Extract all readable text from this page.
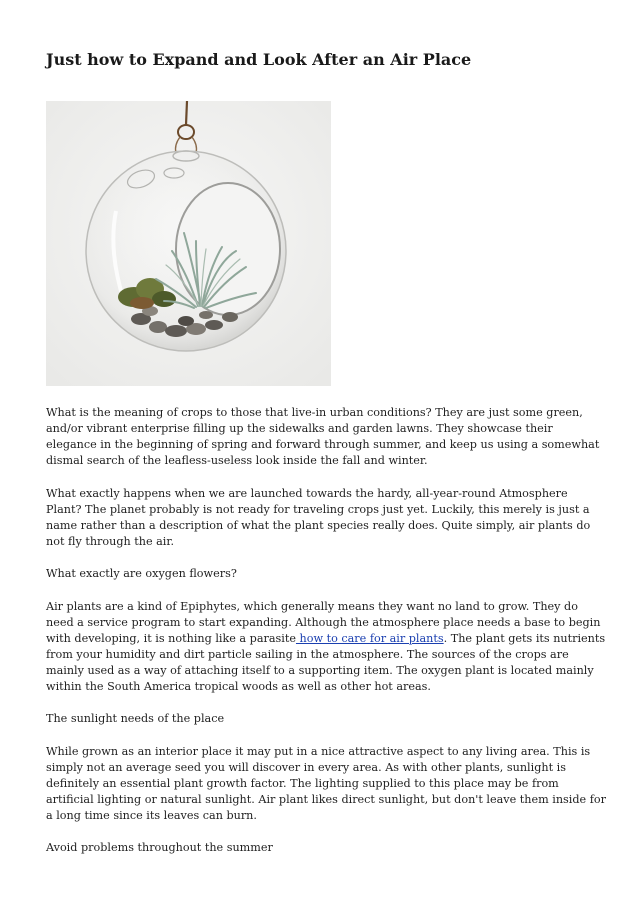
Just how to Expand and Look After an Air Place

What is the meaning of crops to those that live-in urban conditions? They are just some green, and/or vibrant enterprise filling up the sidewalks and garden lawns. They showcase their elegance in the beginning of spring and forward through summer, and keep us using a somewhat dismal search of the leafless-useless look inside the fall and winter.

What exactly happens when we are launched towards the hardy, all-year-round Atmosphere Plant? The planet probably is not ready for traveling crops just yet. Luckily, this merely is just a name rather than a description of what the plant species really does. Quite simply, air plants do not fly through the air.

What exactly are oxygen flowers?

Air plants are a kind of Epiphytes, which generally means they want no land to grow. They do need a service program to start expanding. Although the atmosphere place needs a base to begin with developing, it is nothing like a parasite how to care for air plants. The plant gets its nutrients from your humidity and dirt particle sailing in the atmosphere. The sources of the crops are mainly used as a way of attaching itself to a supporting item. The oxygen plant is located mainly within the South America tropical woods as well as other hot areas.

The sunlight needs of the place

While grown as an interior place it may put in a nice attractive aspect to any living area. This is simply not an average seed you will discover in every area. As with other plants, sunlight is definitely an essential plant growth factor. The lighting supplied to this place may be from artificial lighting or natural sunlight. Air plant likes direct sunlight, but don't leave them inside for a long time since its leaves can burn.

Avoid problems throughout the summer
